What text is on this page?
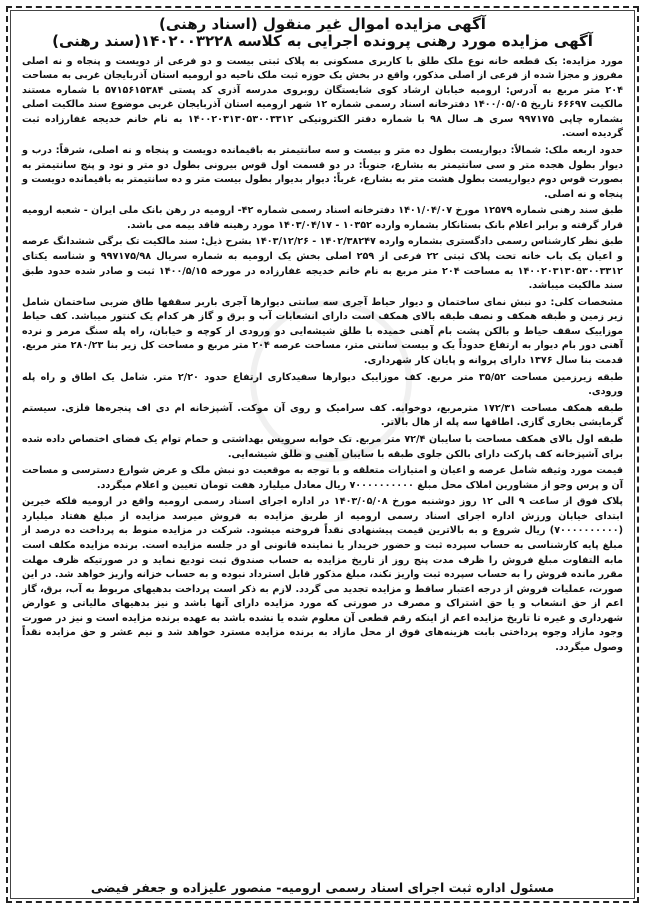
آگهی مزایده اموال غیر منقول (اسناد رهنی)
آگهی مزایده مورد رهنی پرونده اجرایی به کلاسه ۱۴۰۲۰۰۳۲۲۸(سند رهنی)

مورد مزایده: یک قطعه خانه نوع ملک طلق با کاربری مسکونی به پلاک ثبتی بیست و دو فرعی از دویست و پنجاه و نه اصلی مفروز و مجزا شده از فرعی از اصلی مذکور، واقع در بخش یک حوزه ثبت ملک ناحیه دو ارومیه استان آذربایجان غربی به مساحت ۲۰۴ متر مربع به آدرس: ارومیه خیابان ارشاد کوی شایستگان روبروی مدرسه آذری کد پستی ۵۷۱۵۶۱۵۳۸۴ با شماره مستند مالکیت ۶۶۶۹۷ تاریخ ۱۴۰۰/۰۵/۰۵ دفترخانه اسناد رسمی شماره ۱۲ شهر ارومیه استان آذربایجان غربی موضوع سند مالکیت اصلی بشماره چاپی ۹۹۷۱۷۵ سری هـ سال ۹۸ با شماره دفتر الکترونیکی ۱۴۰۰۲۰۳۱۳۰۵۳۰۰۳۳۱۲ به نام خانم خدیجه غفارزاده ثبت گردیده است.

حدود اربعه ملک: شمالاً: دیواریست بطول ده متر و بیست و سه سانتیمتر به باقیمانده دویست و پنجاه و نه اصلی، شرقاً: درب و دیوار بطول هجده متر و سی سانتیمتر به بشارع، جنوباً: در دو قسمت اول قوس بیرونی بطول دو متر و نود و پنج سانتیمتر به بصورت قوس دوم دیواریست بطول هشت متر به بشارع، غرباً: دیوار بدیوار بطول بیست متر و ده سانتیمتر به باقیمانده دویست و پنجاه و نه اصلی.

طبق سند رهنی شماره ۱۲۵۷۹ مورخ ۱۴۰۱/۰۴/۰۷ دفترخانه اسناد رسمی شماره ۴۲- ارومیه در رهن بانک ملی ایران - شعبه ارومیه قرار گرفته و برابر اعلام بانک بستانکار بشماره وارده ۱۰۳۵۲ - ۱۴۰۳/۰۴/۱۷ مورد رهینه فاقد بیمه می باشد.

طبق نظر کارشناس رسمی دادگستری بشماره وارده ۱۴۰۲/۳۸۲۴۷ - ۱۴۰۳/۱۲/۲۶ بشرح ذیل: سند مالکیت تک برگی ششدانگ عرصه و اعیان یک باب خانه تحت پلاک ثبتی ۲۲ فرعی از ۲۵۹ اصلی بخش یک ارومیه به شماره سریال ۹۹۷۱۷۵/۹۸ و شناسه یکتای ۱۴۰۰۲۰۳۱۳۰۵۳۰۰۳۳۱۲ به مساحت ۲۰۴ متر مربع به نام خانم خدیجه غفارزاده در مورخه ۱۴۰۰/۵/۱۵ ثبت و صادر شده حدود طبق سند مالکیت میباشد.

مشخصات کلی: دو نبش نمای ساختمان و دیوار حیاط آجری سه سانتی دیوارها آجری باربر سقفها طاق ضربی ساختمان شامل زیر زمین و طبقه همکف و نصف طبقه بالای همکف است دارای انشعابات آب و برق و گاز هر کدام یک کنتور میباشد. کف حیاط موزاییک سقف حیاط و بالکن پشت بام آهنی خمیده با طلق شیشه‌ایی دو ورودی از کوچه و خیابان، راه پله سنگ مرمر و نرده آهنی دور بام دیوار به ارتفاع حدوداً یک و بیست سانتی متر، مساحت عرصه ۲۰۴ متر مربع و مساحت کل زیر بنا ۲۸۰/۲۳ متر مربع. قدمت بنا سال ۱۳۷۶ دارای پروانه و پایان کار شهرداری.

طبقه زیرزمین مساحت ۳۵/۵۲ متر مربع. کف موزاییک دیوارها سفیدکاری ارتفاع حدود ۲/۲۰ متر. شامل یک اطاق و راه پله ورودی.

طبقه همکف مساحت ۱۷۲/۳۱ مترمربع، دوخوابه. کف سرامیک و روی آن موکت. آشپزخانه ام دی اف پنجره‌ها فلزی. سیستم گرمایشی بخاری گازی. اطاقها سه پله از هال بالاتر.

طبقه اول بالای همکف مساحت با سایبان ۷۲/۴ متر مربع. تک خوابه سرویس بهداشتی و حمام توام یک فضای اختصاص داده شده برای آشپزخانه کف پارکت دارای بالکن جلوی طبقه با سایبان آهنی و طلق شیشه‌ایی.

قیمت مورد وثیقه شامل عرصه و اعیان و امتیازات متعلقه و با توجه به موقعیت دو نبش ملک و عرض شوارع دسترسی و مساحت آن و پرس وجو از مشاورین املاک محل مبلغ ۷۰۰۰۰۰۰۰۰۰۰ ریال معادل میلیارد هفت تومان تعیین و اعلام میگردد.

پلاک فوق از ساعت ۹ الی ۱۲ روز دوشنبه مورخ ۱۴۰۳/۰۵/۰۸ در اداره اجرای اسناد رسمی ارومیه واقع در ارومیه فلکه خیرین ابتدای خیابان ورزش اداره اجرای اسناد رسمی ارومیه از طریق مزایده به فروش میرسد مزایده از مبلغ هفتاد میلیارد (۷۰۰۰۰۰۰۰۰۰۰) ریال شروع و به بالاترین قیمت پیشنهادی نقداً فروخته میشود. شرکت در مزایده منوط به پرداخت ده درصد از مبلغ پایه کارشناسی به حساب سپرده ثبت و حضور خریدار یا نماینده قانونی او در جلسه مزایده است. برنده مزایده مکلف است مابه التفاوت مبلغ فروش را ظرف مدت پنج روز از تاریخ مزایده به حساب صندوق ثبت تودیع نماید و در صورتیکه ظرف مهلت مقرر مانده فروش را به حساب سپرده ثبت واریز نکند، مبلغ مذکور قابل استرداد نبوده و به حساب خزانه واریز خواهد شد. در این صورت، عملیات فروش از درجه اعتبار ساقط و مزایده تجدید می گردد. لازم به ذکر است پرداخت بدهیهای مربوط به آب، برق، گاز اعم از حق انشعاب و یا حق اشتراک و مصرف در صورتی که مورد مزایده دارای آنها باشد و نیز بدهیهای مالیاتی و عوارض شهرداری و غیره تا تاریخ مزایده اعم از اینکه رقم قطعی آن معلوم شده یا نشده باشد به عهده برنده مزایده است و نیز در صورت وجود مازاد وجوه پرداختی بابت هزینه‌های فوق از محل مازاد به برنده مزایده مسترد خواهد شد و نیم عشر و حق مزایده نقداً وصول میگردد.

مسئول اداره ثبت اجرای اسناد رسمی ارومیه- منصور علیزاده و جعفر فیضی
